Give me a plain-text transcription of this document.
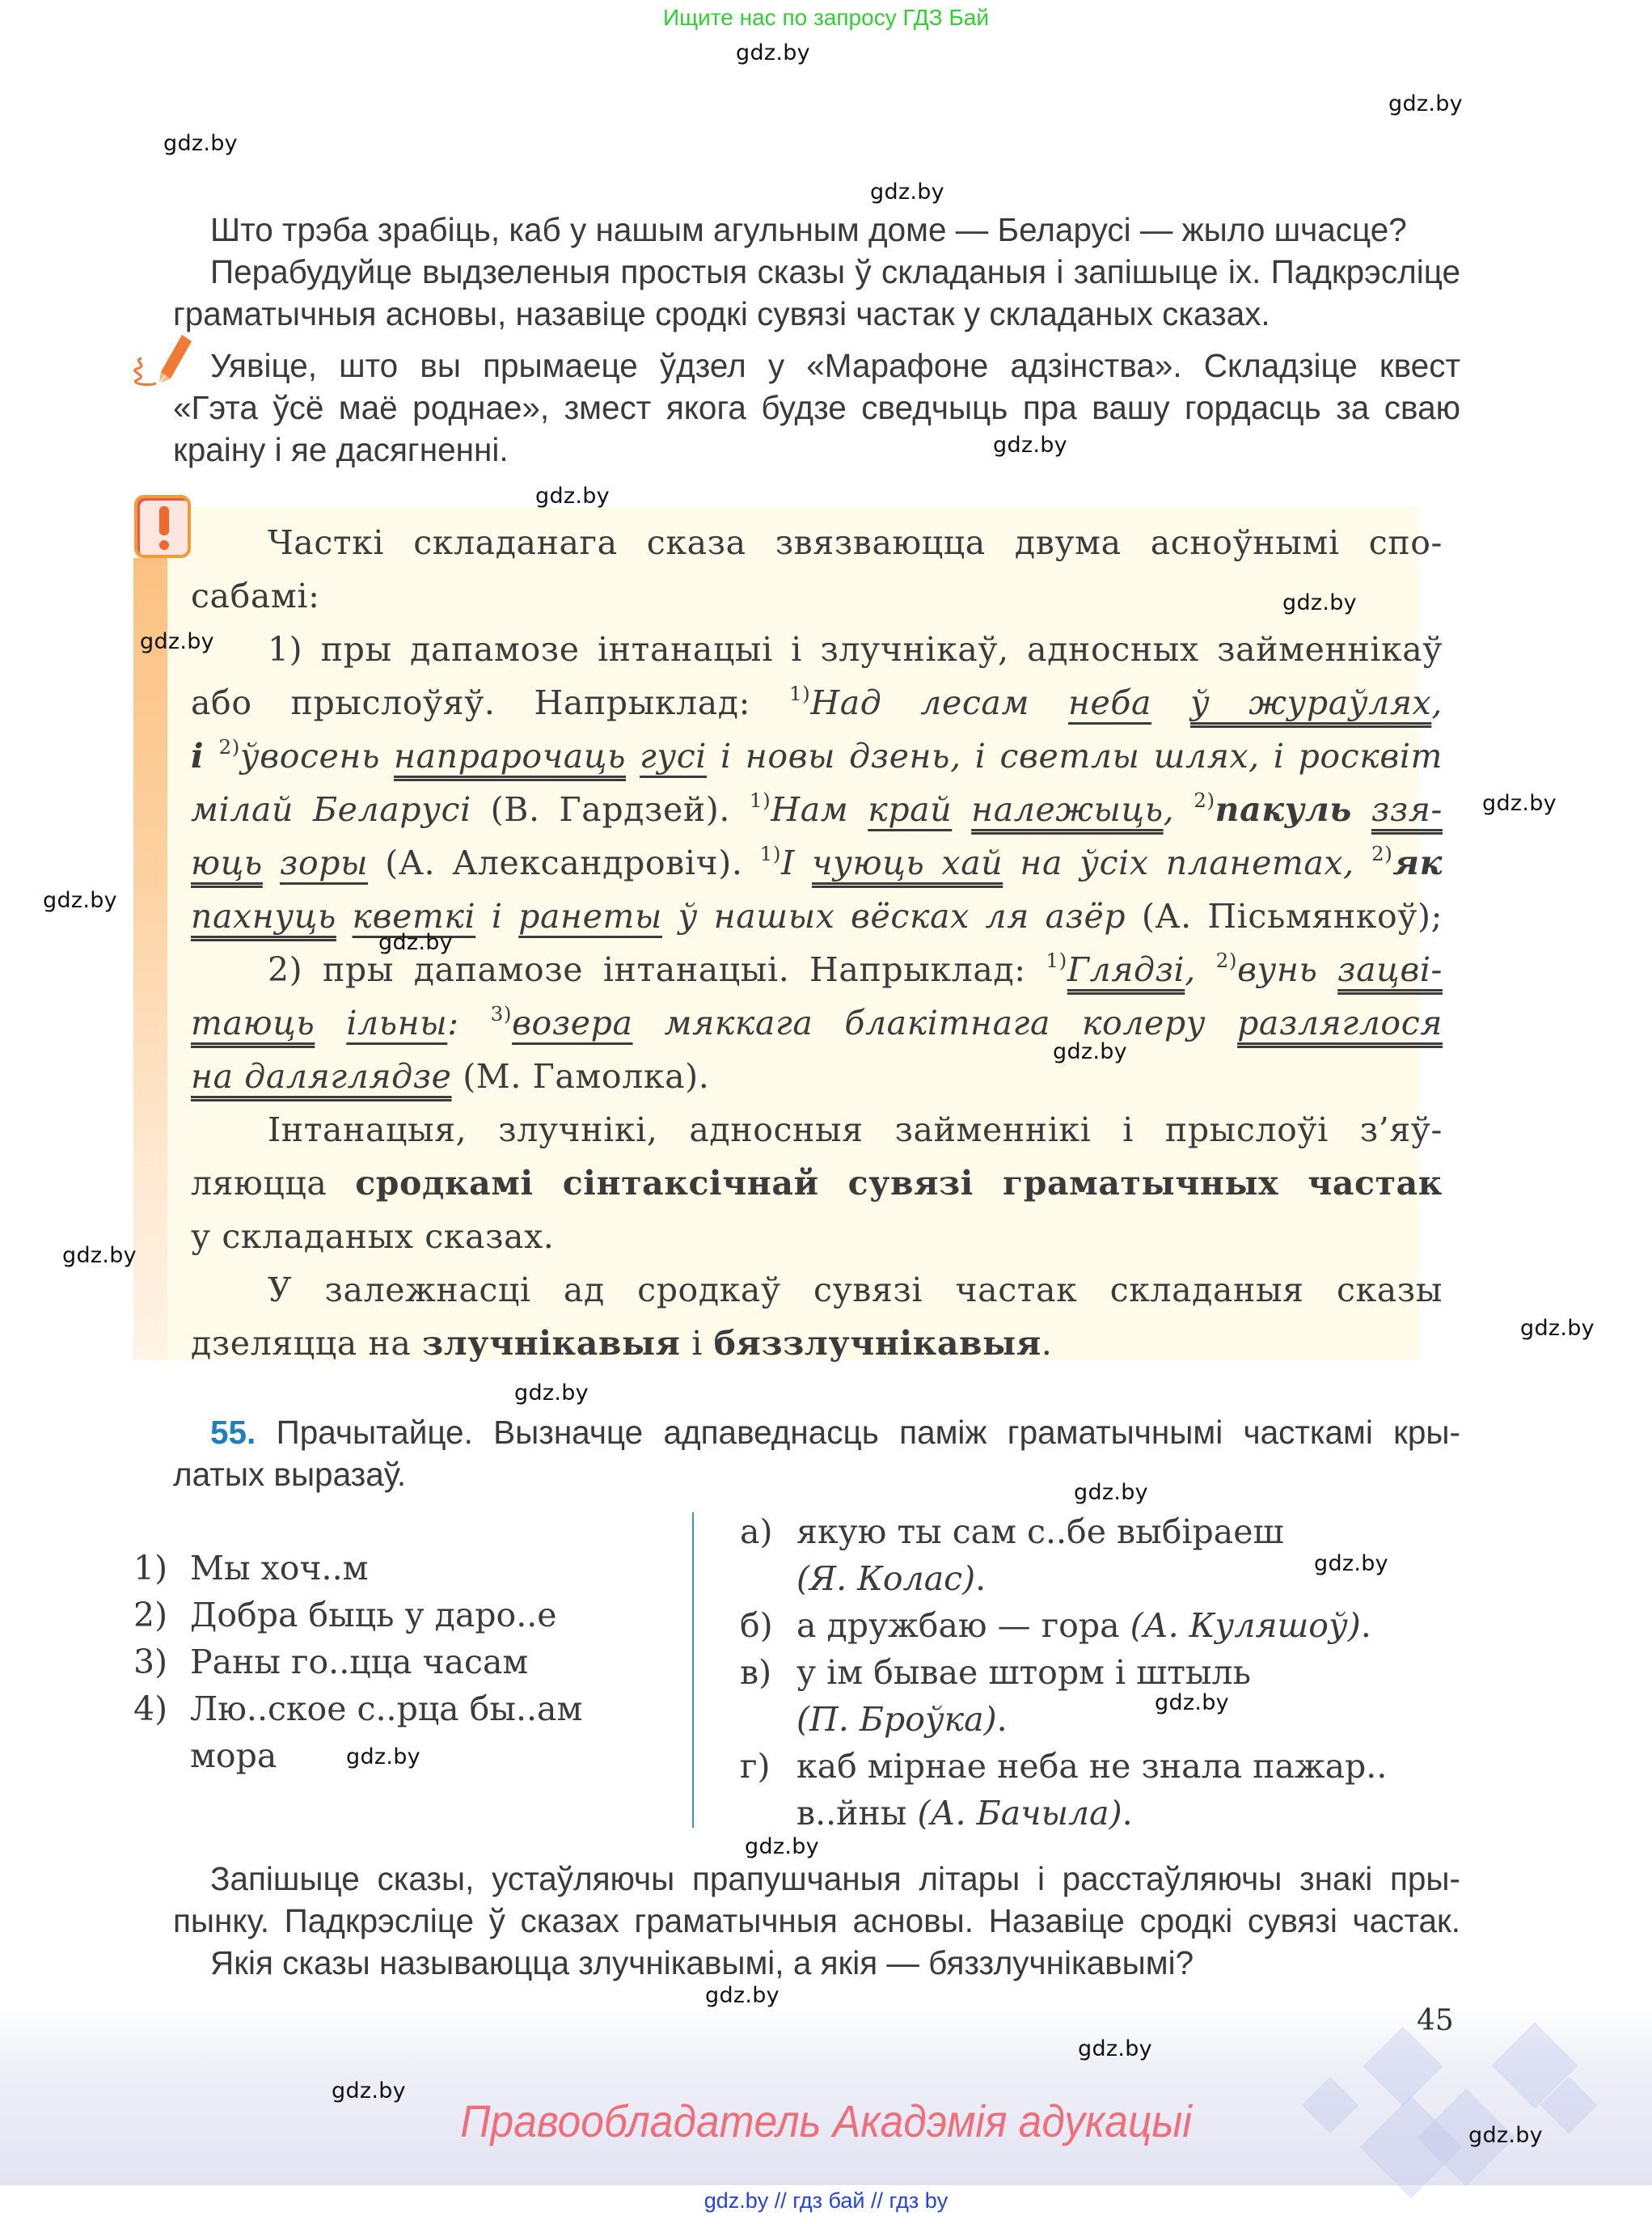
Ищите нас по запросу ГДЗ Бай
Што трэба зрабіць, каб у нашым агульным доме — Беларусі — жыло шчасце?
Перабудуйце выдзеленыя простыя сказы ў складаныя і запішыце іх. Падкрэсліце
граматычныя асновы, назавіце сродкі сувязі частак у складаных сказах.
Уявіце, што вы прымаеце ўдзел у «Марафоне адзінства». Складзіце квест
«Гэта ўсё маё роднае», змест якога будзе сведчыць пра вашу гордасць за сваю
краіну і яе дасягненні.
Часткі складанага сказа звязваюцца двума асноўнымі спо-
сабамі:
1) пры дапамозе інтанацыі і злучнікаў, адносных займеннікаў
або прыслоўяў. Напрыклад: $^{1)}$Над лесам неба ў жураўлях,
і $^{2)}$ўвосень напрарочаць гусі і новы дзень, і светлы шлях, і росквіт
мілай Беларусі (В. Гардзей). $^{1)}$Нам край належыць, $^{2)}$пакуль ззя-
юць зоры (А. Александровіч). $^{1)}$І чуюць хай на ўсіх планетах, $^{2)}$як
пахнуць кветкі і ранеты ў нашых вёсках ля азёр (А. Пісьмянкоў);
2) пры дапамозе інтанацыі. Напрыклад: $^{1)}$Глядзі, $^{2)}$вунь зацві-
таюць ільны: $^{3)}$возера мяккага блакітнага колеру разляглося
на даляглядзе (М. Гамолка).
Інтанацыя, злучнікі, адносныя займеннікі і прыслоўі з’яў-
ляюцца сродкамі сінтаксічнай сувязі граматычных частак
у складаных сказах.
У залежнасці ад сродкаў сувязі частак складаныя сказы
дзеляцца на злучнікавыя і бяззлучнікавыя.
55. Прачытайце. Вызначце адпаведнасць паміж граматычнымі часткамі кры-
латых выразаў.
1) Мы хоч..м
2) Добра быць у даро..е
3) Раны го..цца часам
4) Лю..ское с..рца бы..ам
мора
а) якую ты сам с..бе выбіраеш
(Я. Колас).
б) а дружбаю — гора (А. Куляшоў).
в) у ім бывае шторм і штыль
(П. Броўка).
г) каб мірнае неба не знала пажар..
в..йны (А. Бачыла).
Запішыце сказы, устаўляючы прапушчаныя літары і расстаўляючы знакі пры-
пынку. Падкрэсліце ў сказах граматычныя асновы. Назавіце сродкі сувязі частак.
Якія сказы называюцца злучнікавымі, а якія — бяззлучнікавымі?
45
Правообладатель Акадэмія адукацыі
gdz.by // гдз бай // гдз by
gdz.by
gdz.by
gdz.by
gdz.by
gdz.by
gdz.by
gdz.by
gdz.by
gdz.by
gdz.by
gdz.by
gdz.by
gdz.by
gdz.by
gdz.by
gdz.by
gdz.by
gdz.by
gdz.by
gdz.by
gdz.by
gdz.by
gdz.by
gdz.by
